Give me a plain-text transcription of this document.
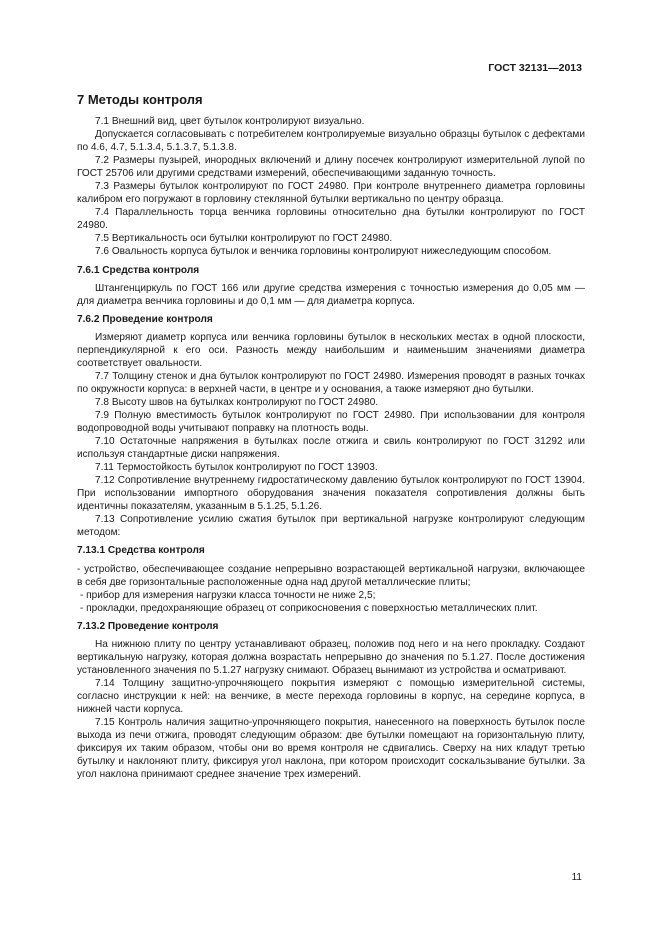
ГОСТ 32131—2013
7 Методы контроля

7.1 Внешний вид, цвет бутылок контролируют визуально.

Допускается согласовывать с потребителем контролируемые визуально образцы бутылок с дефектами по 4.6, 4.7, 5.1.3.4, 5.1.3.7, 5.1.3.8.

7.2 Размеры пузырей, инородных включений и длину посечек контролируют измерительной лупой по ГОСТ 25706 или другими средствами измерений, обеспечивающими заданную точность.

7.3 Размеры бутылок контролируют по ГОСТ 24980. При контроле внутреннего диаметра горловины калибром его погружают в горловину стеклянной бутылки вертикально по центру образца.

7.4 Параллельность торца венчика горловины относительно дна бутылки контролируют по ГОСТ 24980.

7.5 Вертикальность оси бутылки контролируют по ГОСТ 24980.

7.6 Овальность корпуса бутылок и венчика горловины контролируют нижеследующим способом.

7.6.1 Средства контроля

Штангенциркуль по ГОСТ 166 или другие средства измерения с точностью измерения до 0,05 мм — для диаметра венчика горловины и до 0,1 мм — для диаметра корпуса.

7.6.2 Проведение контроля

Измеряют диаметр корпуса или венчика горловины бутылок в нескольких местах в одной плоскости, перпендикулярной к его оси. Разность между наибольшим и наименьшим значениями диаметра соответствует овальности.

7.7 Толщину стенок и дна бутылок контролируют по ГОСТ 24980. Измерения проводят в разных точках по окружности корпуса: в верхней части, в центре и у основания, а также измеряют дно бутылки.

7.8 Высоту швов на бутылках контролируют по ГОСТ 24980.

7.9 Полную вместимость бутылок контролируют по ГОСТ 24980. При использовании для контроля водопроводной воды учитывают поправку на плотность воды.

7.10 Остаточные напряжения в бутылках после отжига и свиль контролируют по ГОСТ 31292 или используя стандартные диски напряжения.

7.11 Термостойкость бутылок контролируют по ГОСТ 13903.

7.12 Сопротивление внутреннему гидростатическому давлению бутылок контролируют по ГОСТ 13904. При использовании импортного оборудования значения показателя сопротивления должны быть идентичны показателям, указанным в 5.1.25, 5.1.26.

7.13 Сопротивление усилию сжатия бутылок при вертикальной нагрузке контролируют следующим методом:

7.13.1 Средства контроля

- устройство, обеспечивающее создание непрерывно возрастающей вертикальной нагрузки, включающее в себя две горизонтальные расположенные одна над другой металлические плиты;

- прибор для измерения нагрузки класса точности не ниже 2,5;

- прокладки, предохраняющие образец от соприкосновения с поверхностью металлических плит.

7.13.2 Проведение контроля

На нижнюю плиту по центру устанавливают образец, положив под него и на него прокладку. Создают вертикальную нагрузку, которая должна возрастать непрерывно до значения по 5.1.27. После достижения установленного значения по 5.1.27 нагрузку снимают. Образец вынимают из устройства и осматривают.

7.14 Толщину защитно-упрочняющего покрытия измеряют с помощью измерительной системы, согласно инструкции к ней: на венчике, в месте перехода горловины в корпус, на середине корпуса, в нижней части корпуса.

7.15 Контроль наличия защитно-упрочняющего покрытия, нанесенного на поверхность бутылок после выхода из печи отжига, проводят следующим образом: две бутылки помещают на горизонтальную плиту, фиксируя их таким образом, чтобы они во время контроля не сдвигались. Сверху на них кладут третью бутылку и наклоняют плиту, фиксируя угол наклона, при котором происходит соскальзывание бутылки. За угол наклона принимают среднее значение трех измерений.

11
